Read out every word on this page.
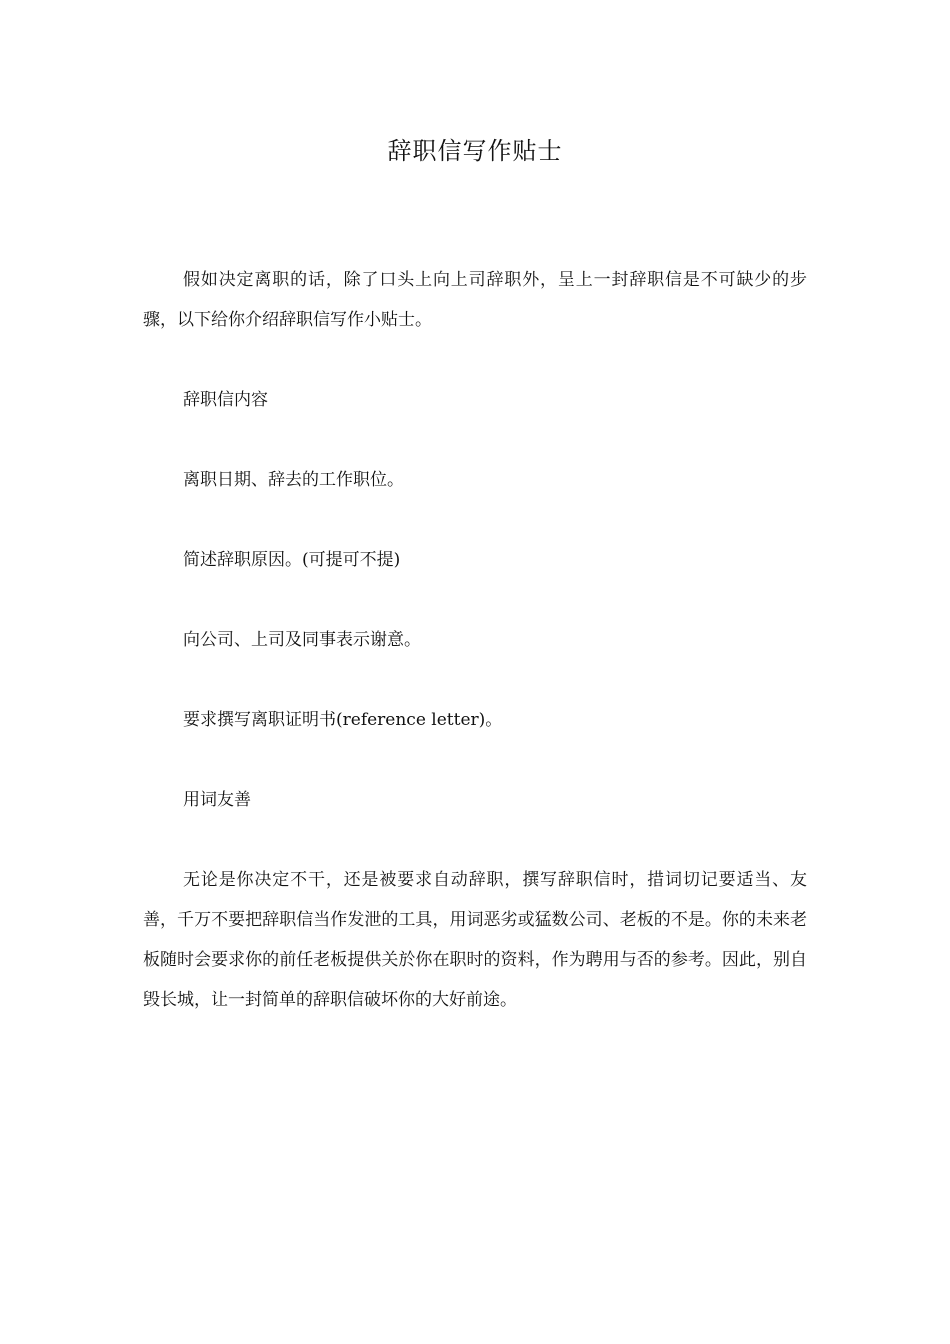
辞职信写作贴士

假如决定离职的话，除了口头上向上司辞职外，呈上一封辞职信是不可缺少的步骤，以下给你介绍辞职信写作小贴士。

辞职信内容

离职日期、辞去的工作职位。

简述辞职原因。(可提可不提)

向公司、上司及同事表示谢意。

要求撰写离职证明书(reference letter)。

用词友善

无论是你决定不干，还是被要求自动辞职，撰写辞职信时，措词切记要适当、友善，千万不要把辞职信当作发泄的工具，用词恶劣或猛数公司、老板的不是。你的未来老板随时会要求你的前任老板提供关於你在职时的资料，作为聘用与否的参考。因此，别自毁长城，让一封简单的辞职信破坏你的大好前途。
